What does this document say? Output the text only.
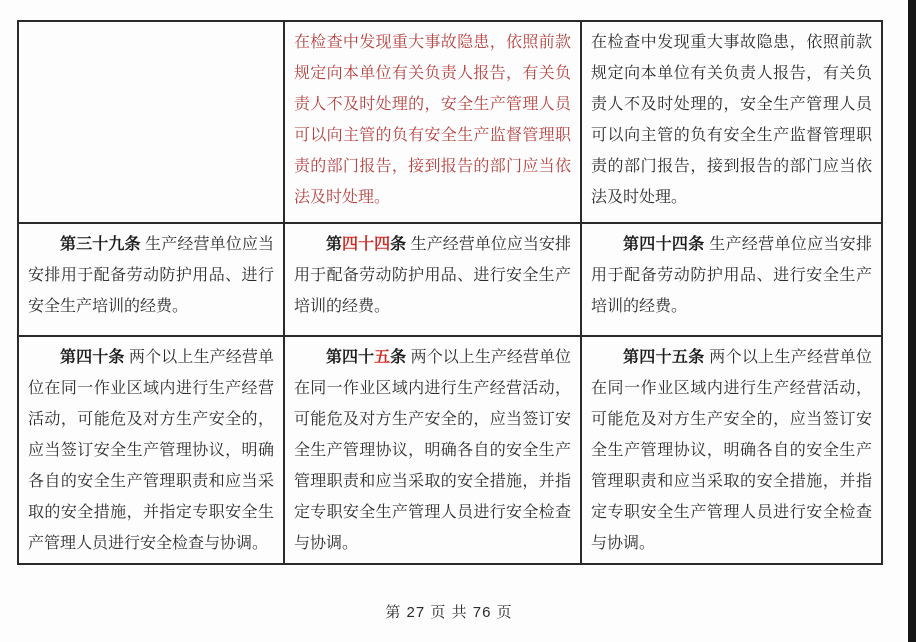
	在检查中发现重大事故隐患，依照前款规定向本单位有关负责人报告，有关负责人不及时处理的，安全生产管理人员可以向主管的负有安全生产监督管理职责的部门报告，接到报告的部门应当依法及时处理。	在检查中发现重大事故隐患，依照前款规定向本单位有关负责人报告，有关负责人不及时处理的，安全生产管理人员可以向主管的负有安全生产监督管理职责的部门报告，接到报告的部门应当依法及时处理。

第三十九条 生产经营单位应当安排用于配备劳动防护用品、进行安全生产培训的经费。	第四十四条 生产经营单位应当安排用于配备劳动防护用品、进行安全生产培训的经费。	第四十四条 生产经营单位应当安排用于配备劳动防护用品、进行安全生产培训的经费。

第四十条 两个以上生产经营单位在同一作业区域内进行生产经营活动，可能危及对方生产安全的，应当签订安全生产管理协议，明确各自的安全生产管理职责和应当采取的安全措施，并指定专职安全生产管理人员进行安全检查与协调。	第四十五条 两个以上生产经营单位在同一作业区域内进行生产经营活动，可能危及对方生产安全的，应当签订安全生产管理协议，明确各自的安全生产管理职责和应当采取的安全措施，并指定专职安全生产管理人员进行安全检查与协调。	第四十五条 两个以上生产经营单位在同一作业区域内进行生产经营活动，可能危及对方生产安全的，应当签订安全生产管理协议，明确各自的安全生产管理职责和应当采取的安全措施，并指定专职安全生产管理人员进行安全检查与协调。

第 27 页 共 76 页
